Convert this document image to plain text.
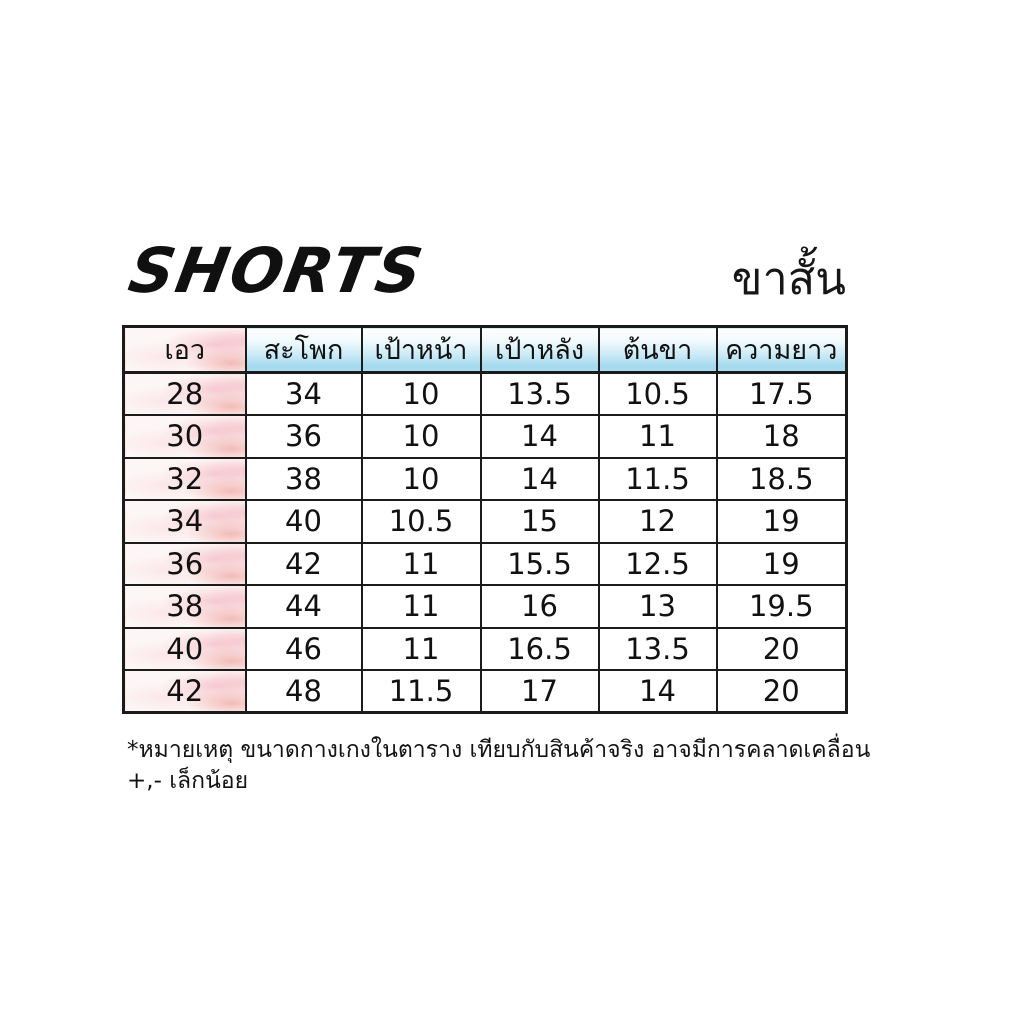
SHORTS	ขาสั้น
เอว	สะโพก	เป้าหน้า	เป้าหลัง	ต้นขา	ความยาว
28	34	10	13.5	10.5	17.5
30	36	10	14	11	18
32	38	10	14	11.5	18.5
34	40	10.5	15	12	19
36	42	11	15.5	12.5	19
38	44	11	16	13	19.5
40	46	11	16.5	13.5	20
42	48	11.5	17	14	20

*หมายเหตุ ขนาดกางเกงในตาราง เทียบกับสินค้าจริง อาจมีการคลาดเคลื่อน +,- เล็กน้อย
